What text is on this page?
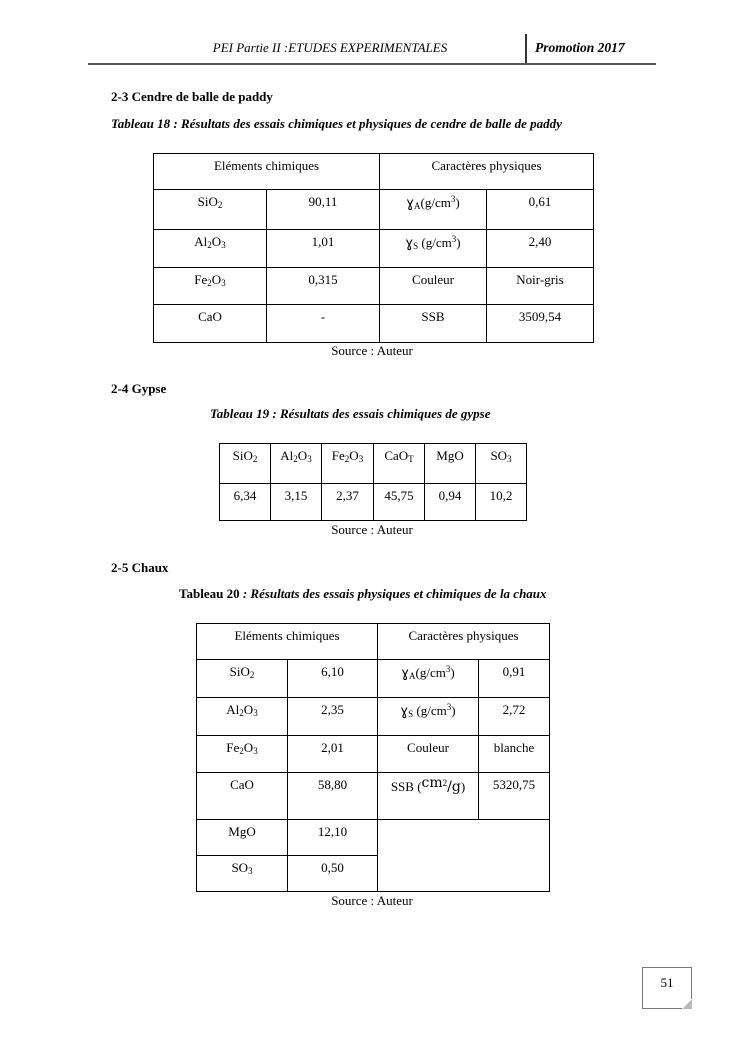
PEI Partie II :ETUDES EXPERIMENTALES	Promotion 2017
2-3 Cendre de balle de paddy
Tableau 18 : Résultats des essais chimiques et physiques de cendre de balle de paddy
Eléments chimiques		Caractères physiques	
SiO$_2$	90,11	$ɣ_A(g/cm^3)$	0,61
$Al_2O_3$	1,01	ɣ$_S$ $(g/cm^3)$	2,40
$Fe_2O_3$	0,315	Couleur	Noir-gris
CaO	-	SSB	3509,54
Source : Auteur
2-4 Gypse
Tableau 19 : Résultats des essais chimiques de gypse
SiO$_2$	$Al_2O_3$	$Fe_2O_3$	CaO$_T$	MgO	$SO_3$
6,34	3,15	2,37	45,75	0,94	10,2
Source : Auteur
2-5 Chaux
Tableau 20 : Résultats des essais physiques et chimiques de la chaux
Eléments chimiques		Caractères physiques	
SiO$_2$	6,10	$ɣ_A(g/cm^3)$	0,91
$Al_2O_3$	2,35	ɣ$_S$ $(g/cm^3)$	2,72
$Fe_2O_3$	2,01	Couleur	blanche
CaO	58,80	SSB $(cm^2/g)$	5320,75
MgO	12,10		
$SO_3$	0,50		
Source : Auteur
51
